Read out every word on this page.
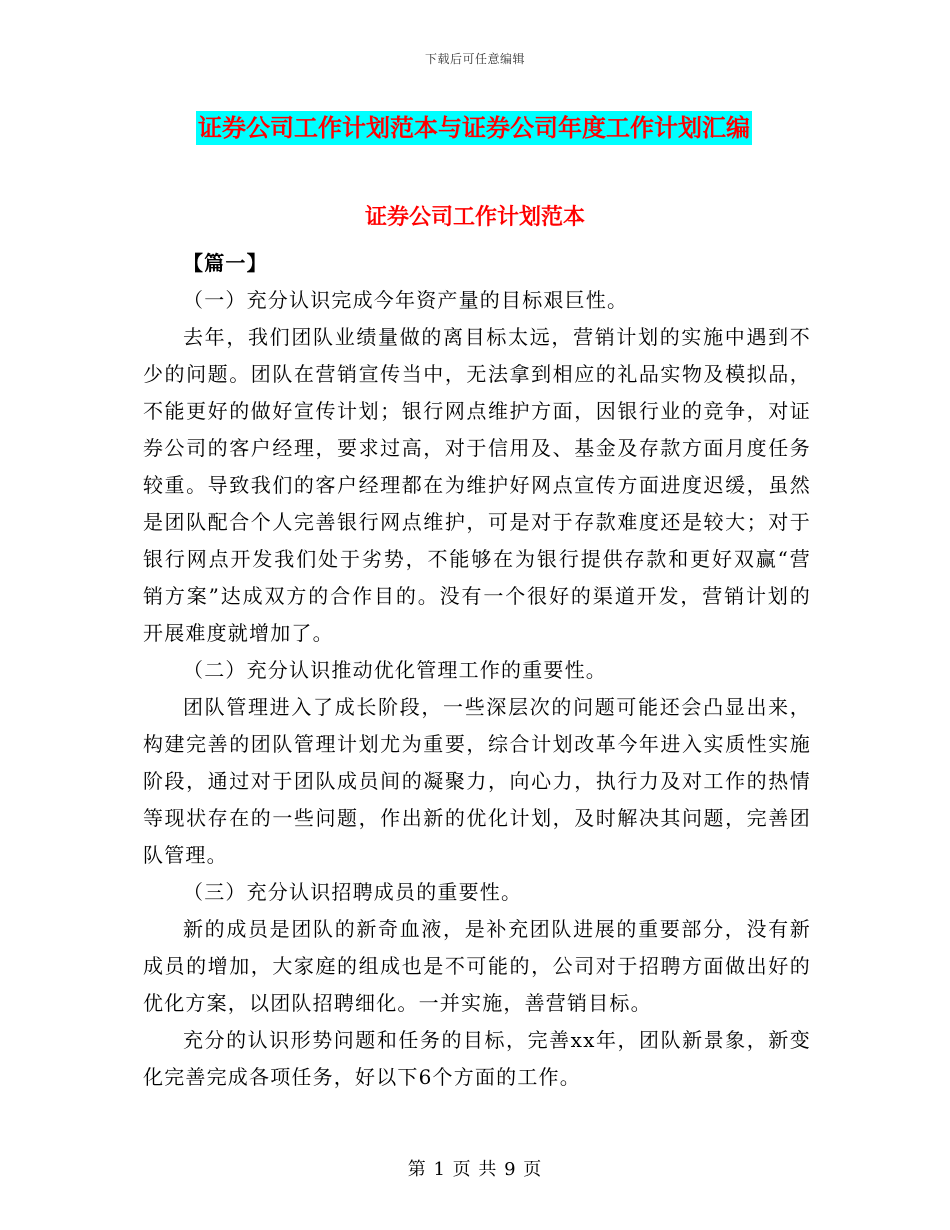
下载后可任意编辑
证券公司工作计划范本与证券公司年度工作计划汇编
证券公司工作计划范本

【篇一】

（一）充分认识完成今年资产量的目标艰巨性。

去年，我们团队业绩量做的离目标太远，营销计划的实施中遇到不少的问题。团队在营销宣传当中，无法拿到相应的礼品实物及模拟品，不能更好的做好宣传计划；银行网点维护方面，因银行业的竞争，对证券公司的客户经理，要求过高，对于信用及、基金及存款方面月度任务较重。导致我们的客户经理都在为维护好网点宣传方面进度迟缓，虽然是团队配合个人完善银行网点维护，可是对于存款难度还是较大；对于银行网点开发我们处于劣势，不能够在为银行提供存款和更好双赢“营销方案”达成双方的合作目的。没有一个很好的渠道开发，营销计划的开展难度就增加了。

（二）充分认识推动优化管理工作的重要性。

团队管理进入了成长阶段，一些深层次的问题可能还会凸显出来，构建完善的团队管理计划尤为重要，综合计划改革今年进入实质性实施阶段，通过对于团队成员间的凝聚力，向心力，执行力及对工作的热情等现状存在的一些问题，作出新的优化计划，及时解决其问题，完善团队管理。

（三）充分认识招聘成员的重要性。

新的成员是团队的新奇血液，是补充团队进展的重要部分，没有新成员的增加，大家庭的组成也是不可能的，公司对于招聘方面做出好的优化方案，以团队招聘细化。一并实施，善营销目标。

充分的认识形势问题和任务的目标，完善xx年，团队新景象，新变化完善完成各项任务，好以下6个方面的工作。

第 1 页 共 9 页
